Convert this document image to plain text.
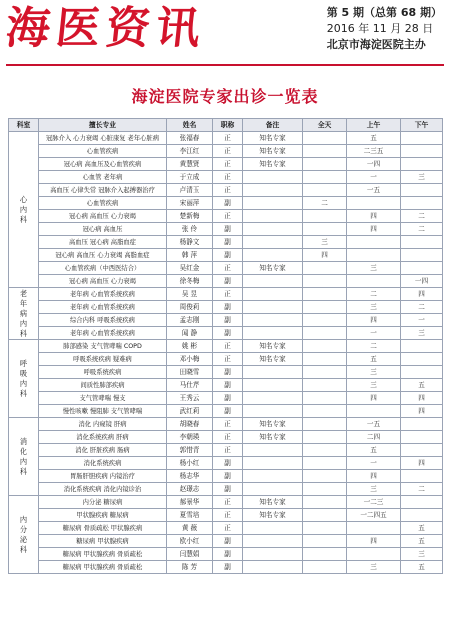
海医资讯	第 5 期（总第 68 期）
2016 年 11 月 28 日
北京市海淀医院主办
海淀医院专家出诊一览表
科室	擅长专业	姓名	职称	备注	全天	上午	下午

心
内
科	冠脉介入 心力衰竭 心脏康复 老年心脏病	张福春	正	知名专家		五	
	心血管疾病	李江红	正	知名专家		二三五	
	冠心病 高血压及心血管疾病	黄慧贤	正	知名专家		一四	
	心血管 老年病	于立成	正			一	三
	高血压 心律失常 冠脉介入起搏器治疗	卢清玉	正			一五	
	心血管疾病	宋丽萍	副		二		
	冠心病 高血压 心力衰竭	楚新梅	正			四	二
	冠心病 高血压	张 伶	副			四	二
	高血压 冠心病 高脂血症	杨静文	副		三		
	冠心病 高血压 心力衰竭 高脂血症	韩 萍	副		四		
	心血管疾病（中西医结合）	吴红金	正	知名专家		三	
	冠心病 高血压 心力衰竭	徐冬梅	副				一四

老
年
病
内
科	老年病 心血管系统疾病	吴 昱	正			二	四
	老年病 心血管系统疾病	周俊莉	副			三	二
	综合内科 呼吸系统疾病	孟志刚	副			四	一
	老年病 心血管系统疾病	闻 静	副			一	三

呼
吸
内
科	肺部感染 支气管哮喘 COPD	姚 彬	正	知名专家		二	
	呼吸系统疾病 疑难病	邓小梅	正	知名专家		五	
	呼吸系统疾病	田晓雪	副			三	
	间质性肺部疾病	马仕芹	副			三	五
	支气管哮喘 慢支	王秀云	副			四	四
	慢性咳嗽 慢阻肺 支气管哮喘	武红莉	副				四

消
化
内
科	消化 内窥镜 肝病	胡晓春	正	知名专家		一五	
	消化系统疾病 肝病	李朝瑛	正	知名专家		二四	
	消化 肝脏疾病 肠病	郭惜青	正			五	
	消化系统疾病	杨小红	副			一	四
	胃肠肝胆疾病 内镜治疗	杨志华	副			四	
	消化系统疾病 消化内镜诊治	赵璟志	副			三	二

内
分
泌
科	内分泌 糖尿病	郝景华	正	知名专家		一二三	
	甲状腺疾病 糖尿病	夏雪培	正	知名专家		一二四五	
	糖尿病 骨质疏松 甲状腺疾病	黄 薇	正				五
	糖尿病 甲状腺疾病	欧小红	副			四	五
	糖尿病 甲状腺疾病 骨质疏松	闫慧娟	副				三
	糖尿病 甲状腺疾病 骨质疏松	陈 芳	副			三	五
